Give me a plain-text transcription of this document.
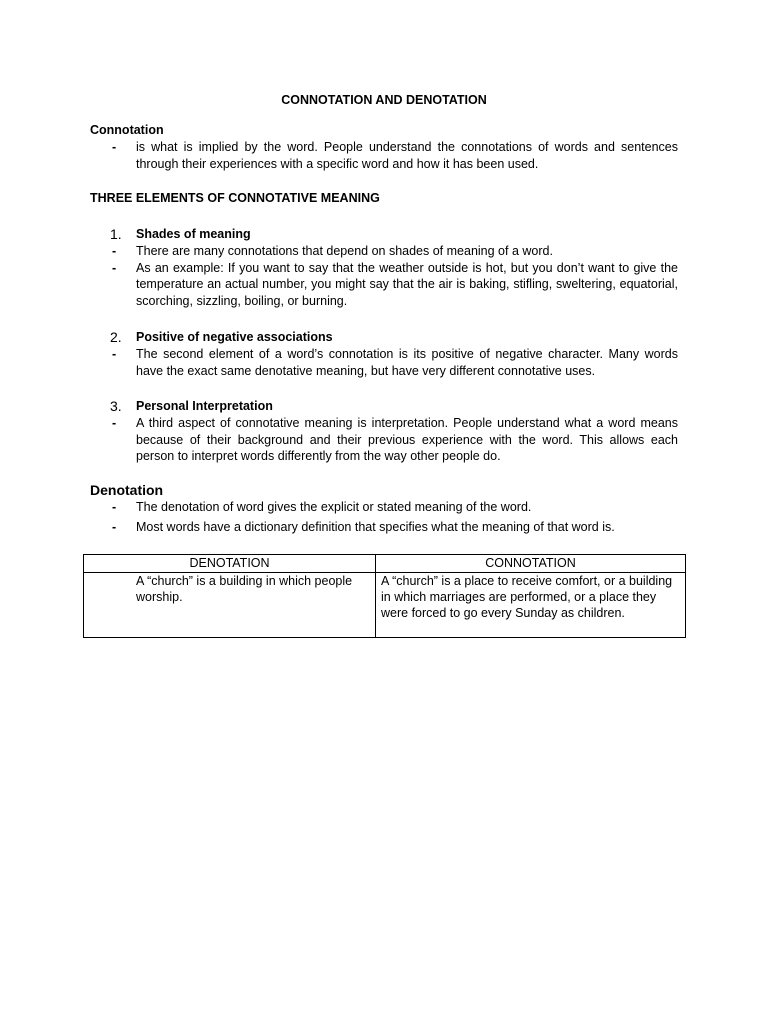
CONNOTATION AND DENOTATION
Connotation
-	is what is implied by the word. People understand the connotations of words and sentences through their experiences with a specific word and how it has been used.
THREE ELEMENTS OF CONNOTATIVE MEANING
1.	Shades of meaning
-	There are many connotations that depend on shades of meaning of a word.
-	As an example: If you want to say that the weather outside is hot, but you don’t want to give the temperature an actual number, you might say that the air is baking, stifling, sweltering, equatorial, scorching, sizzling, boiling, or burning.
2.	Positive of negative associations
-	The second element of a word’s connotation is its positive of negative character. Many words have the exact same denotative meaning, but have very different connotative uses.
3.	Personal Interpretation
-	A third aspect of connotative meaning is interpretation. People understand what a word means because of their background and their previous experience with the word. This allows each person to interpret words differently from the way other people do.
Denotation
-	The denotation of word gives the explicit or stated meaning of the word.
-	Most words have a dictionary definition that specifies what the meaning of that word is.
DENOTATION	CONNOTATION
A “church” is a building in which people worship.	A “church” is a place to receive comfort, or a building in which marriages are performed, or a place they were forced to go every Sunday as children.
